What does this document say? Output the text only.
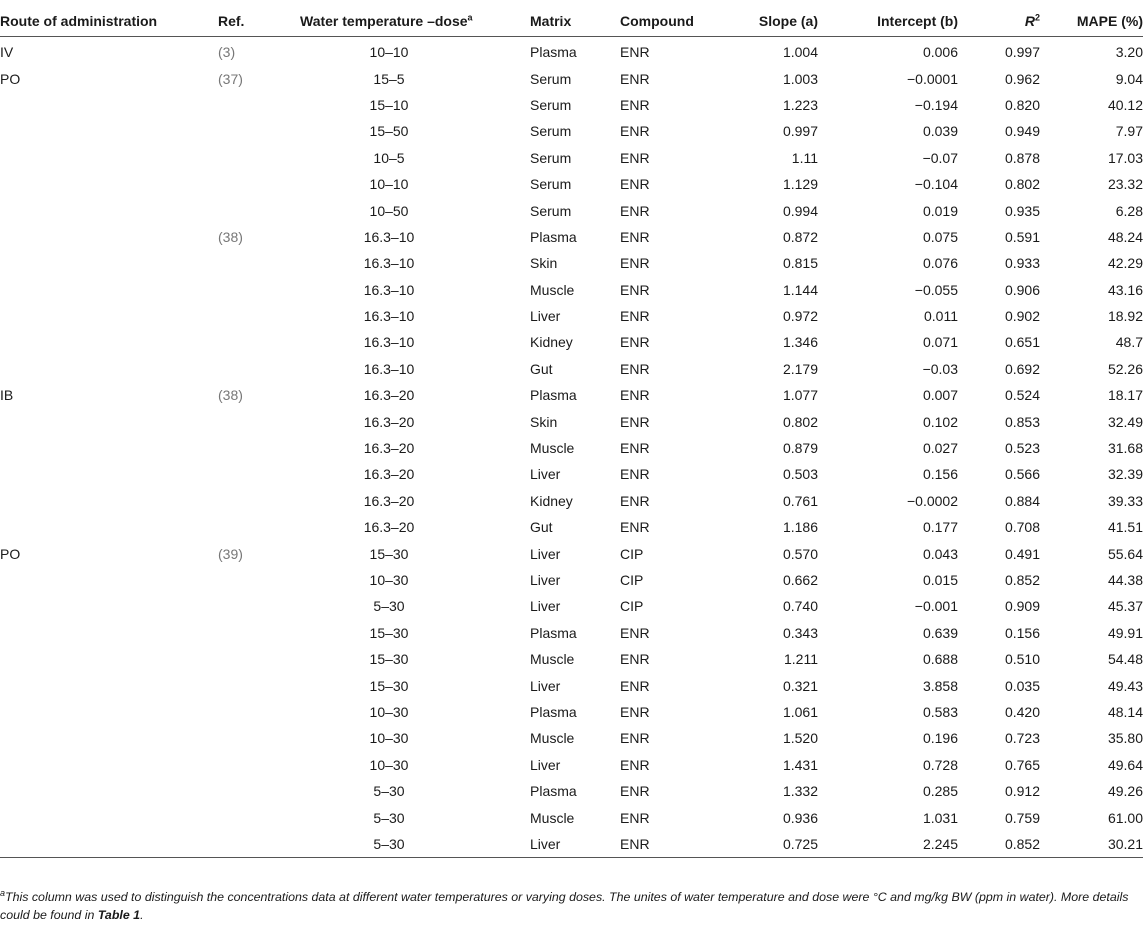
Route of administration	Ref.	Water temperature –dose$^a$	Matrix	Compound	Slope (a)	Intercept (b)	$R^2$	MAPE (%)
IV	(3)	10–10	Plasma	ENR	1.004	0.006	0.997	3.20
PO	(37)	15–5	Serum	ENR	1.003	−0.0001	0.962	9.04
		15–10	Serum	ENR	1.223	−0.194	0.820	40.12
		15–50	Serum	ENR	0.997	0.039	0.949	7.97
		10–5	Serum	ENR	1.11	−0.07	0.878	17.03
		10–10	Serum	ENR	1.129	−0.104	0.802	23.32
		10–50	Serum	ENR	0.994	0.019	0.935	6.28
	(38)	16.3–10	Plasma	ENR	0.872	0.075	0.591	48.24
		16.3–10	Skin	ENR	0.815	0.076	0.933	42.29
		16.3–10	Muscle	ENR	1.144	−0.055	0.906	43.16
		16.3–10	Liver	ENR	0.972	0.011	0.902	18.92
		16.3–10	Kidney	ENR	1.346	0.071	0.651	48.7
		16.3–10	Gut	ENR	2.179	−0.03	0.692	52.26
IB	(38)	16.3–20	Plasma	ENR	1.077	0.007	0.524	18.17
		16.3–20	Skin	ENR	0.802	0.102	0.853	32.49
		16.3–20	Muscle	ENR	0.879	0.027	0.523	31.68
		16.3–20	Liver	ENR	0.503	0.156	0.566	32.39
		16.3–20	Kidney	ENR	0.761	−0.0002	0.884	39.33
		16.3–20	Gut	ENR	1.186	0.177	0.708	41.51
PO	(39)	15–30	Liver	CIP	0.570	0.043	0.491	55.64
		10–30	Liver	CIP	0.662	0.015	0.852	44.38
		5–30	Liver	CIP	0.740	−0.001	0.909	45.37
		15–30	Plasma	ENR	0.343	0.639	0.156	49.91
		15–30	Muscle	ENR	1.211	0.688	0.510	54.48
		15–30	Liver	ENR	0.321	3.858	0.035	49.43
		10–30	Plasma	ENR	1.061	0.583	0.420	48.14
		10–30	Muscle	ENR	1.520	0.196	0.723	35.80
		10–30	Liver	ENR	1.431	0.728	0.765	49.64
		5–30	Plasma	ENR	1.332	0.285	0.912	49.26
		5–30	Muscle	ENR	0.936	1.031	0.759	61.00
		5–30	Liver	ENR	0.725	2.245	0.852	30.21
$^a$This column was used to distinguish the concentrations data at different water temperatures or varying doses. The unites of water temperature and dose were °C and mg/kg BW (ppm in water). More details could be found in Table 1.
